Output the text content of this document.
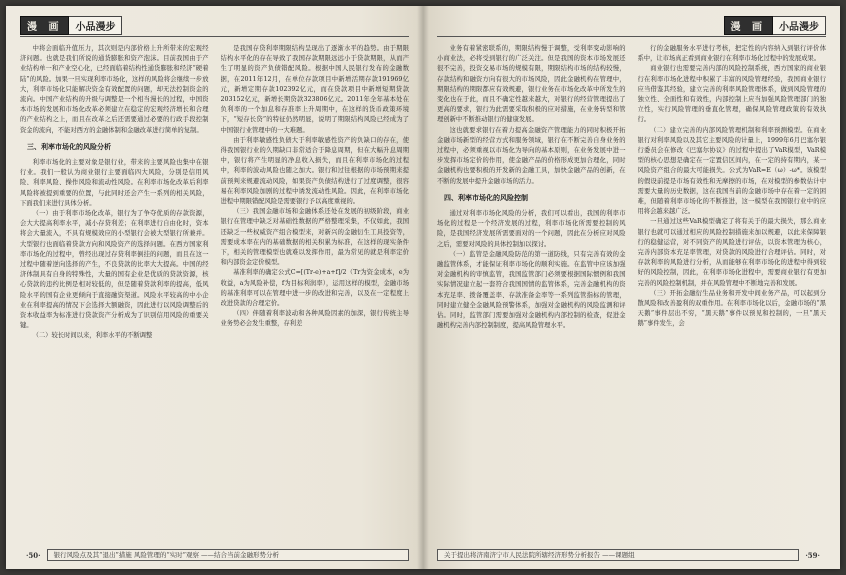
漫 画	小品漫步

中将会面临升值压力，其次则是内部价格上升所带来的宏观经济问题。也就是我们所说的通货膨胀和资产泡沫。目前我国由于产业结构单一和产业空心化，已经面临着结构性通货膨胀和经济“硬着陆”的风险。加果一旦实现利率市场化，这样的风险将会继续一步放大，利率市场化只能解决资金有效配置的问题，却无法控制资金的流向。中国产业结构的升级与调整是一个相当漫长的过程，中国资本市场的发展和市场化改革必须建立在稳定的宏观经济增长和合理的产业结构之上，而且在改革之后还需要通过必要的行政手段控制资金的流向，不能对西方的金融体制和金融改革进行简单的复制。

三、利率市场化的风险分析

利率市场化的主要对象是银行业，带来的主要风险也集中在银行业。我们一般认为商业银行主要面临四大风险，分别是信用风险、利率风险、操作风险和流动性风险。在利率市场化改革后利率风险将被提到重要的位置，与此同时还会产生一系列的相关风险，下面我们来进行具体分析。

（一）由于利率市场化改革，银行为了争夺优质的存款资源，会大大提高利率水平，减小存贷利差；在利率进行自由化时，资本将会大量流入，不具有规模效应的小型银行会被大型银行所兼并。大型银行也面临着贷款方向和风险资产的选择问题。在西方国家利率市场化的过程中，曾经出现过存贷利率倒挂的问题，而且在这一过程中随着逆向选择的产生，不良贷款的比率大大提高。中国的经济体制具有自身的特殊性，大量的国有企业是优质的贷款资源，核心贷款的违约比例是相对较低的，但是随着贷款利率的提高，低风险水平的国有企业更倾向于直接融资渠道。风险水平较高的中小企业在利率提高的情况下会选择大额融资，因此进行以风险调整后的资本收益率为标准进行贷款资产分析成为了识别信用风险的重要关键。

（二）较长时间以来，利率水平的不断调整

是我国存贷利率期限结构呈现出了逐渐水平的趋势。由于期限结构水平化的存在导致了我国存款期限远远小于贷款期限，从而产生了明显的资产负债错配风险。根据中国人民银行发布的金融数据，在2011年12月，在单位存款项目中新增活期存款191969亿元，新增定期存款102392亿元，而在贷款项目中新增短期贷款203152亿元，新增长期贷款323806亿元。2011年全年基本处在负利率的一个加息和存准率上升周期中，在这样的货币政策环境下，“短存长贷”的特征仍然明显，说明了期限结构风险已经成为了中国银行业管理中的一大难题。

由于利率敏感性负债大于利率敏感性资产的负缺口的存在，使得我国银行业的久期缺口非常适合于降息周期，但在大幅升息周期中，银行将产生明显的净息收入损失，而且在利率市场化的过程中，利率的波动风险也随之加大。银行和过往根据的市场预期来提前预判来规避流动风险，如果资产负债结构进行了过度调整，很容易在利率风险加剧的过程中诱发流动性风险。因此，在利率市场化进程中期限错配风险是需要银行予以高度重视的。

（三）我国金融市场和金融体系还处在发展的初级阶段，商业银行在管理中缺乏对基础性数据的严格整理采集，不仅如此，我国还缺乏一些权威资产组合模型来，对新兴的金融衍生工具投资等，需要成本率在内的基础数据的相关积累为标准，在这样的现实条件下，相关的管理模型也就难以发挥作用，最为常见的就是利率定价和内部资金定价模型。

基准利率的确定公式C=[(Tr-e)+a+f]/2（Tr为资金成本，e为收益，a为风险补偿，f为目标利润率），运用这样的模型，金融市场的基准利率可以在管理中进一步的改进和完善，以及在一定程度上改进贷款的合理定价。

（四）伴随着利率波动和各种风险因素的加深，银行传统主导业务势必会发生重整，存利差

·50·	银行风险点及其“退出”措施 风险管理的“实时”观察 ——结合当前金融形势分析
漫 画	小品漫步

业务有着紧密联系的，期限结构慢于调整，受利率变动影响的小商业法，必将受到银行的广泛关注。但是我国的资本市场发展还很不完善，投资交易市场的规模有限，期限结构市场的结构较慢，存款结构和融资方向有很大的市场风险，因此金融机构在管理中，期限结构的期限都应有效规避，银行业务在市场化改革中所发生的变化也在于此，而且不确定性越来越大，对银行的经营管理提出了更高的要求，银行为此需要采取积极的应对措施，在业务转型和管理创新中不断推动银行的健康发展。

这也就要求银行在着力提高金融资产管理能力的同时积极开拓金融市场新型的经营方式和服务领域，银行在不断完善自身业务的过程中，必须重视以市场化为导向的基本原则，在业务发展中进一步发挥市场定价的作用，使金融产品的价格形成更加合理化，同时金融机构也要积极的开发新的金融工具，加快金融产品的创新，在不断的发展中提升金融市场的活力。

四、利率市场化的风险控制

通过对利率市场化风险的分析，我们可以看出，我国的利率市场化的过程是一个经济发展的过程，利率市场化所需要控制的风险，是我国经济发展所需要面对的一个问题，因此在分析应对风险之后，需要对风险的具体控制加以探讨。

（一）监管是金融风险防范的第一道防线，只有完善有效的金融监管体系，才能保证利率市场化的顺利实施。在监管中应该加强对金融机构的审慎监管，我国监管部门必须要根据国际惯例和我国实际情况建立起一套符合我国国情的监管体系，完善金融机构的资本充足率、拨备覆盖率、存款准备金率等一系列监管指标的管理，同时建立健全金融风险预警体系，加强对金融机构的风险监测和评估。同时，监管部门需要加强对金融机构内部控制的检查，促进金融机构完善内部控制制度，提高风险管理水平。

行的金融服务水平进行考核，把定性的内容纳入到银行评价体系中，让市场真正看到商业银行在利率市场化过程中的发展成果。

商业银行也需要完善内部的风险控制系统，西方国家的商业银行在利率市场化进程中积累了丰富的风险管理经验，我国商业银行应当借鉴其经验，建立完善的利率风险管理体系，做到风险管理的独立性、全面性和有效性，内部控制上应当加强风险管理部门的独立性，实行风险管理的垂直化管理，确保风险管理政策的有效执行。

（二）建立完善的内部风险管理机制和利率预测模型。在商业银行对利率风险以及其它主要风险的计量上，1999年6月巴塞尔银行委员会在修改《巴塞尔协议》的过程中提出了VaR模型，VaR模型的核心思想是确定在一定置信区间内，在一定的持有期内，某一风险资产组合的最大可能损失。公式为VaR=E（ω）-ω*。该模型的假设前提是市场有效性和无摩擦的市场，在对模型的参数估计中需要大量的历史数据，这在我国当前的金融市场中存在着一定的困难，但随着利率市场化的不断推进，这一模型在我国银行业中的应用将会越来越广泛。

一旦通过这些VaR模型确定了将有关于的最大损失，那么商业银行也就可以通过相应的风险控制措施来加以规避，以此来保障银行的稳健运营，对不同资产的风险进行评估，以资本管理为核心，完善内部资本充足率管理，对贷款的风险进行合理评估。同时，对存款利率的风险进行分析，从而能够在利率市场化的进程中得到较好的风险控制，因此，在利率市场化进程中，需要商业银行有更加完善的风险控制机制，并在风险管理中不断地完善和发展。

（三）开拓金融衍生品业务和开发中间业务产品，可以起到分散风险和改善盈利的双重作用。在利率市场化以后，金融市场的“黑天鹅”事件层出不穷，“黑天鹅”事件以预见和控制的，一旦“黑天鹅”事件发生，会

关于提出将济南济宁市人民法院所辖经济形势分析报告 ——课题组	·59·
